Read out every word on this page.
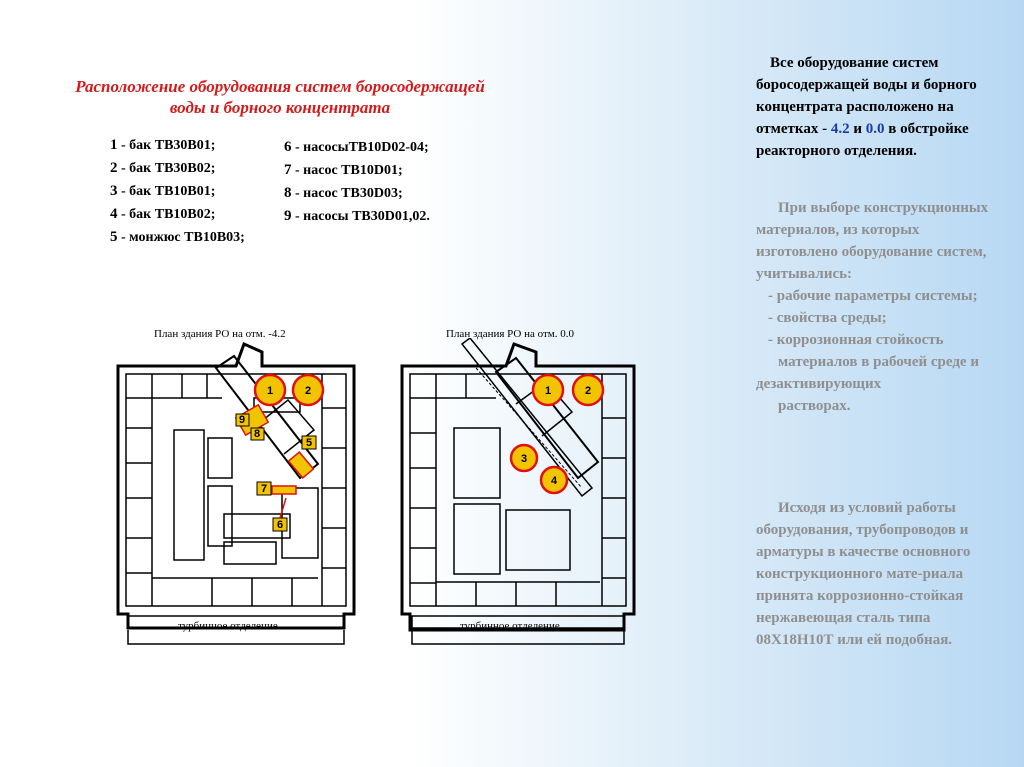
Расположение оборудования систем боросодержащей
воды и борного концентрата
1 - бак TB30B01;
2 - бак TB30B02;
3 - бак TB10B01;
4 - бак TB10B02;
5 - монжюс TB10B03;
6 - насосыTB10D02-04;
7 - насос TB10D01;
8 - насос TB30D03;
9 - насосы TB30D01,02.
План здания РО на отм. -4.2	План здания РО на отм. 0.0
1	2
5
6
7
8
9
турбинное отделение
1	2
3
4
турбинное отделение
Все оборудование систем боросодержащей воды и борного концентрата расположено на отметках - 4.2 и 0.0 в обстройке реакторного отделения.
При выборе конструкционных материалов, из которых изготовлено оборудование систем, учитывались:
- рабочие параметры системы;
- свойства среды;
- коррозионная стойкость
материалов в рабочей среде и
дезактивирующих
растворах.
Исходя из условий работы оборудования, трубопроводов и арматуры в качестве основного конструкционного мате-риала принята коррозионно-стойкая нержавеющая сталь типа 08Х18Н10Т или ей подобная.
